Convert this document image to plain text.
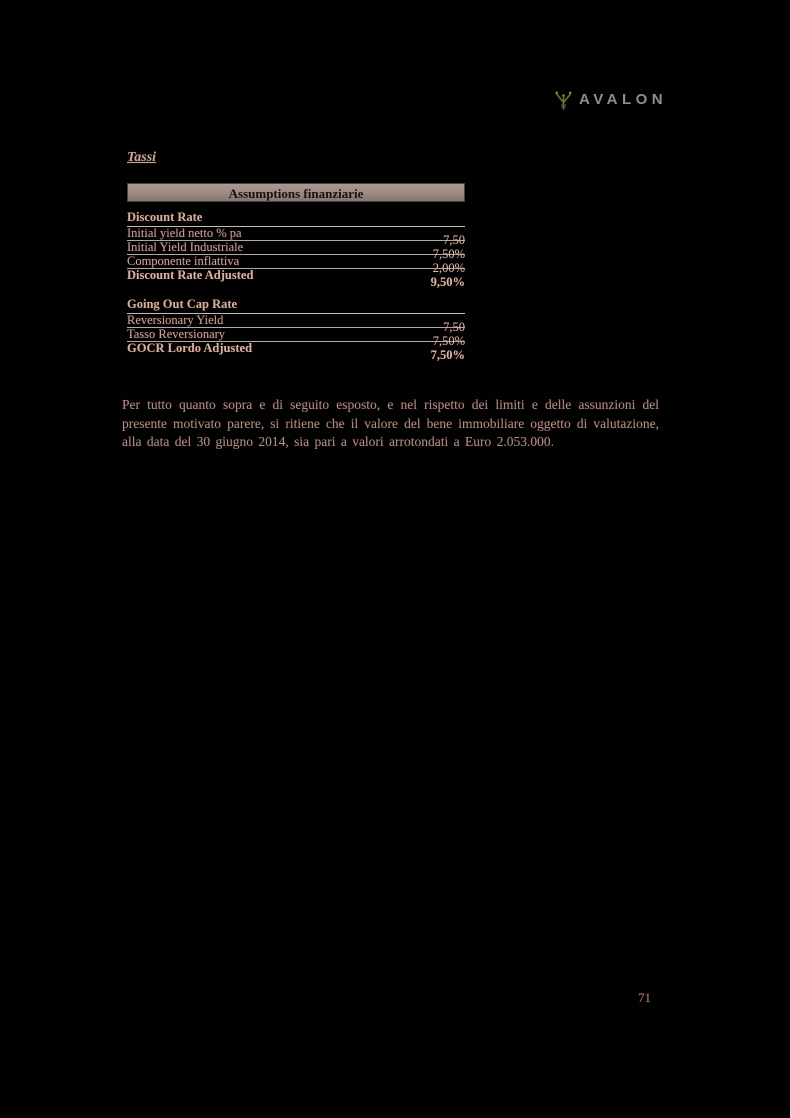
AVALON
Tassi
Assumptions finanziarie
Discount Rate
Initial yield netto % pa	7,50
Initial Yield Industriale	7,50%
Componente inflattiva	2,00%
Discount Rate Adjusted	9,50%
Going Out Cap Rate
Reversionary Yield	7,50
Tasso Reversionary	7,50%
GOCR Lordo Adjusted	7,50%

Per tutto quanto sopra e di seguito esposto, e nel rispetto dei limiti e delle assunzioni del presente motivato parere, si ritiene che il valore del bene immobiliare oggetto di valutazione, alla data del 30 giugno 2014, sia pari a valori arrotondati a Euro 2.053.000.

71
